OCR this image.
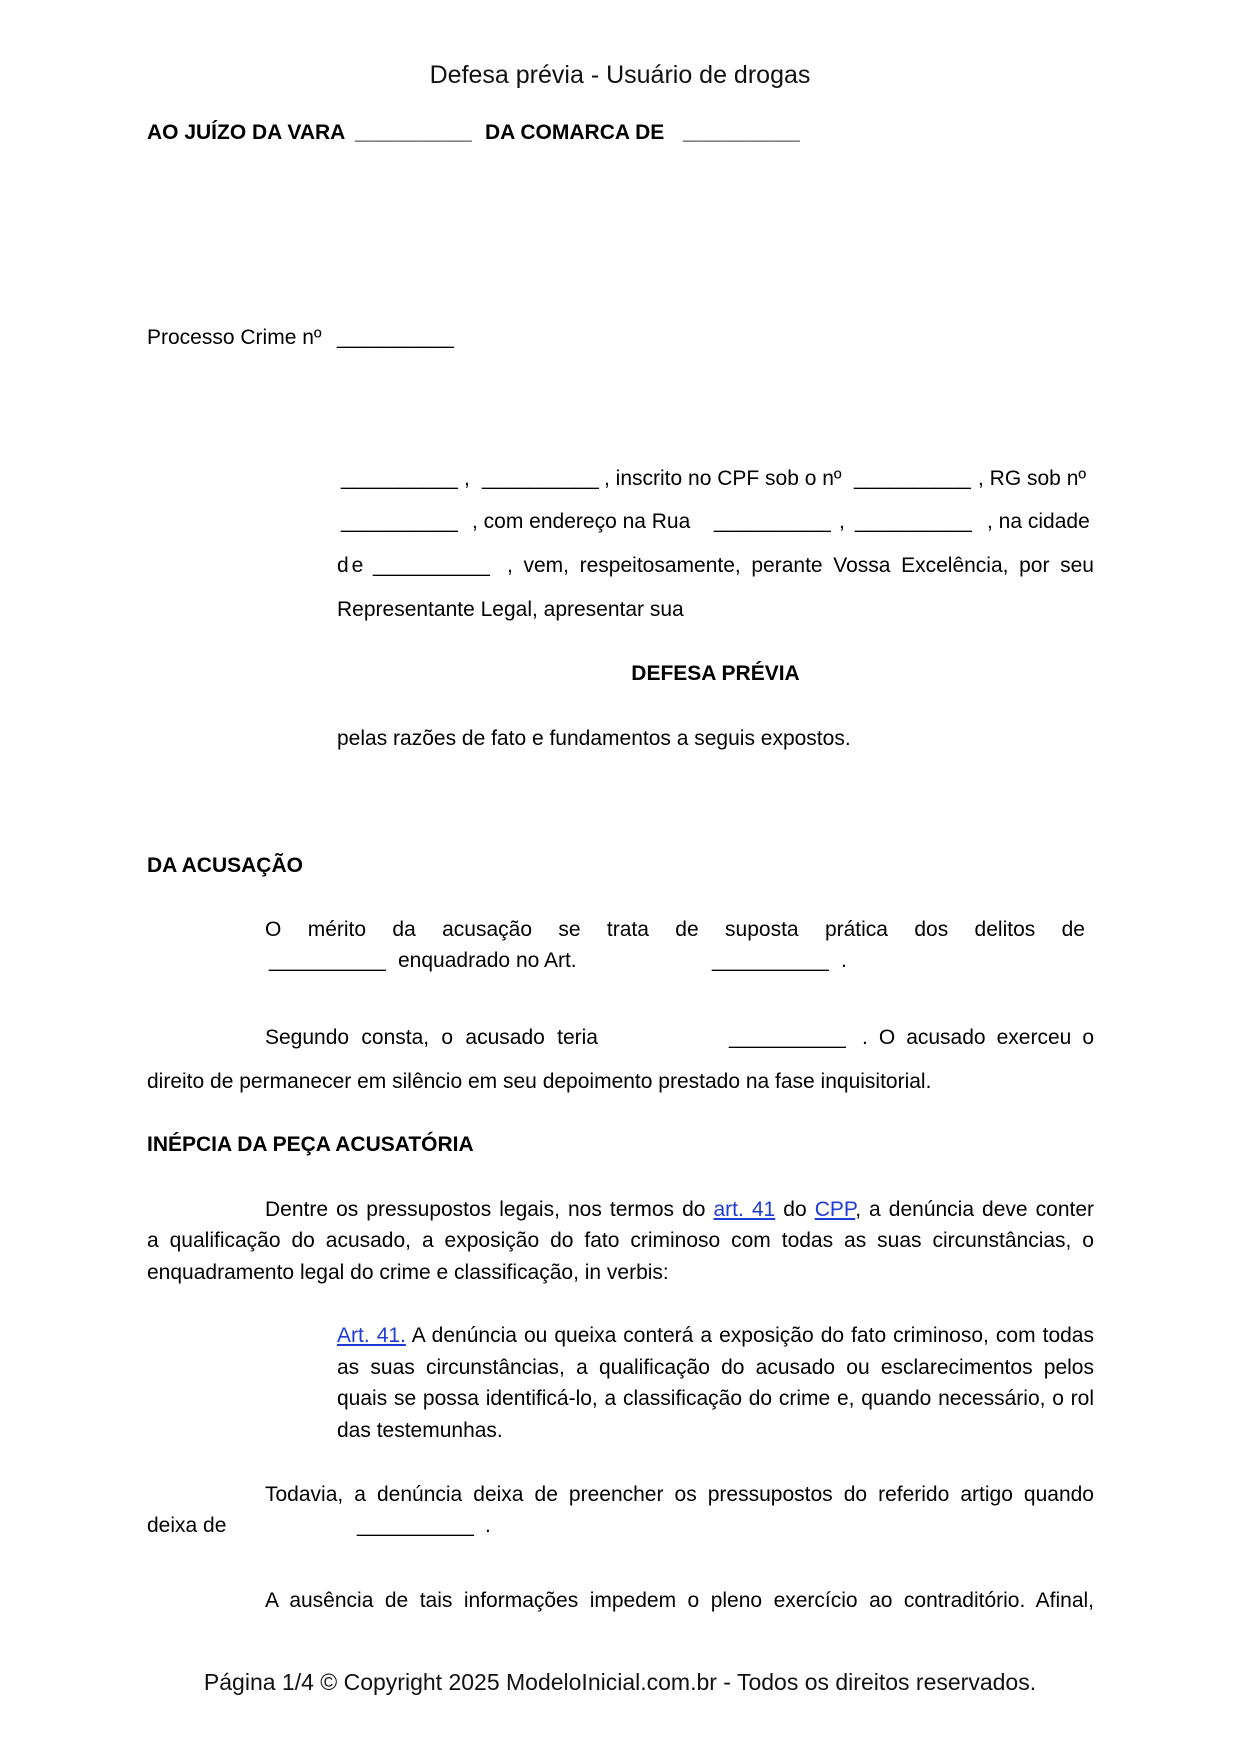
Defesa prévia - Usuário de drogas
AO JUÍZO DA VARA __________ DA COMARCA DE __________
Processo Crime nº __________
__________ , __________ , inscrito no CPF sob o nº __________ , RG sob nº
__________ , com endereço na Rua __________ , __________ , na cidade
de __________ , vem, respeitosamente, perante Vossa Excelência, por seu
Representante Legal, apresentar sua
DEFESA PRÉVIA
pelas razões de fato e fundamentos a seguis expostos.
DA ACUSAÇÃO
O mérito da acusação se trata de suposta prática dos delitos de
__________ enquadrado no Art.	__________ .
Segundo consta, o acusado teria	__________ . O acusado exerceu o
direito de permanecer em silêncio em seu depoimento prestado na fase inquisitorial.
INÉPCIA DA PEÇA ACUSATÓRIA
Dentre os pressupostos legais, nos termos do art. 41 do CPP, a denúncia deve conter
a qualificação do acusado, a exposição do fato criminoso com todas as suas circunstâncias, o
enquadramento legal do crime e classificação, in verbis:
Art. 41. A denúncia ou queixa conterá a exposição do fato criminoso, com todas
as suas circunstâncias, a qualificação do acusado ou esclarecimentos pelos
quais se possa identificá-lo, a classificação do crime e, quando necessário, o rol
das testemunhas.
Todavia, a denúncia deixa de preencher os pressupostos do referido artigo quando
deixa de	__________ .
A ausência de tais informações impedem o pleno exercício ao contraditório. Afinal,
Página 1/4 © Copyright 2025 ModeloInicial.com.br - Todos os direitos reservados.
